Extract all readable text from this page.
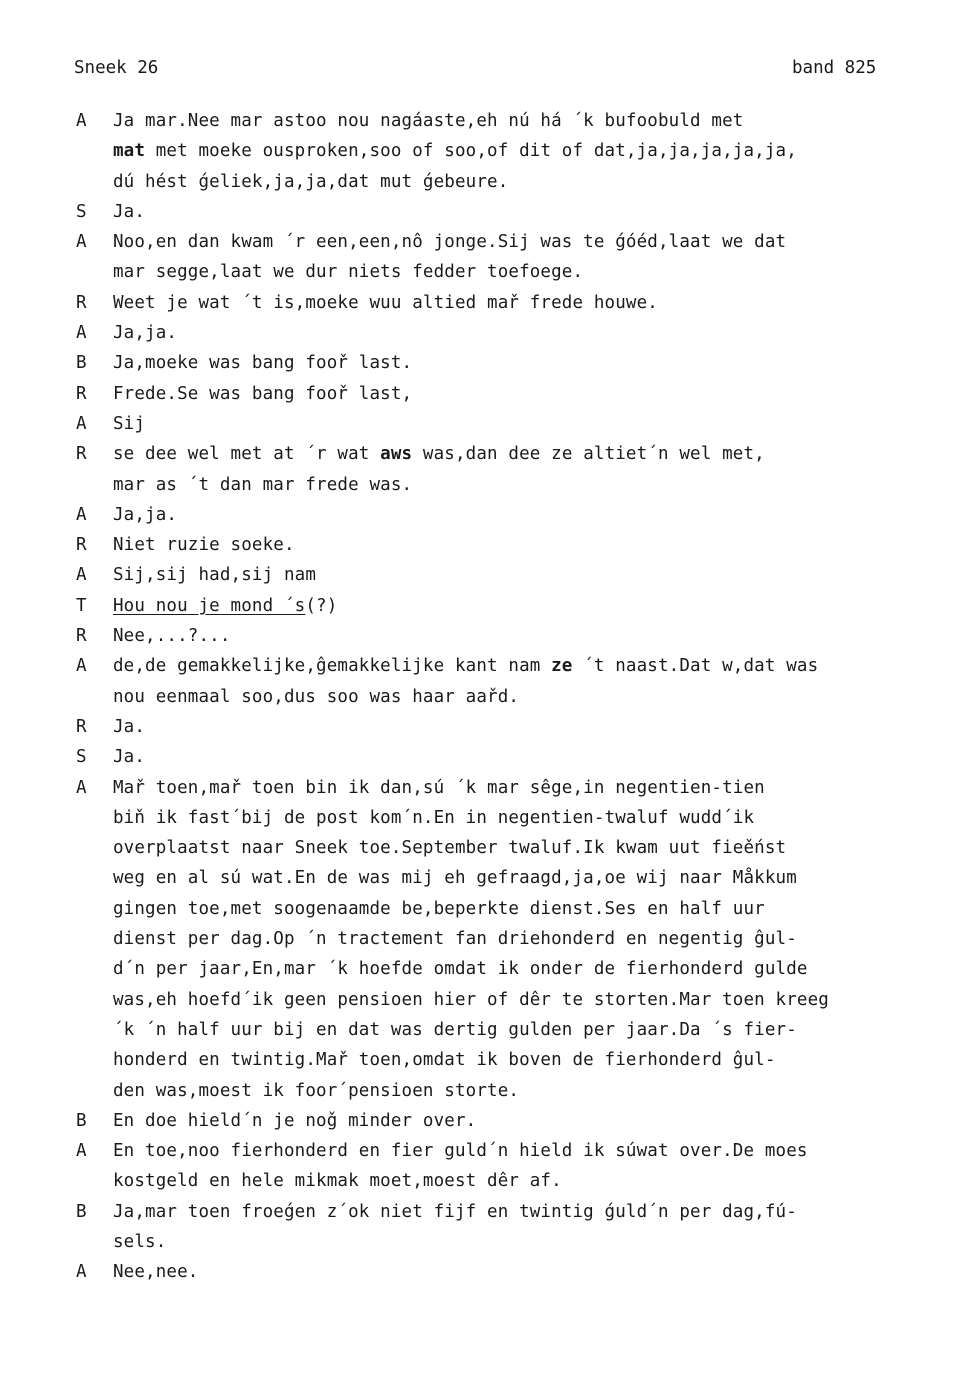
Sneek 26	band 825
A Ja mar.Nee mar astoo nou nagáaste,eh nú há ´k bufoobuld met
mat met moeke ousproken,soo of soo,of dit of dat,ja,ja,ja,ja,ja,
dú hést ǵeliek,ja,ja,dat mut ǵebeure.
S Ja.
A Noo,en dan kwam ´r een,een,nô jonge.Sij was te ǵóéd,laat we dat
mar segge,laat we dur niets fedder toefoege.
R Weet je wat ´t is,moeke wuu altied mař frede houwe.
A Ja,ja.
B Ja,moeke was bang fooř last.
R Frede.Se was bang fooř last,
A Sij
R se dee wel met at ´r wat aws was,dan dee ze altiet´n wel met,
mar as ´t dan mar frede was.
A Ja,ja.
R Niet ruzie soeke.
A Sij,sij had,sij nam
T Hou nou je mond ´s(?)
R Nee,...?...
A de,de gemakkelijke,ĝemakkelijke kant nam ze ´t naast.Dat w,dat was
nou eenmaal soo,dus soo was haar aařd.
R Ja.
S Ja.
A Mař toen,mař toen bin ik dan,sú ´k mar sêge,in negentien-tien
biň ik fast´bij de post kom´n.En in negentien-twaluf wudd´ik
overplaatst naar Sneek toe.September twaluf.Ik kwam uut fieěńst
weg en al sú wat.En de was mij eh gefraagd,ja,oe wij naar Måkkum
gingen toe,met soogenaamde be,beperkte dienst.Ses en half uur
dienst per dag.Op ´n tractement fan driehonderd en negentig ĝul-
d´n per jaar,En,mar ´k hoefde omdat ik onder de fierhonderd gulde
was,eh hoefd´ik geen pensioen hier of dêr te storten.Mar toen kreeg
´k ´n half uur bij en dat was dertig gulden per jaar.Da ´s fier-
honderd en twintig.Mař toen,omdat ik boven de fierhonderd ĝul-
den was,moest ik foor´pensioen storte.
B En doe hield´n je noǧ minder over.
A En toe,noo fierhonderd en fier guld´n hield ik súwat over.De moes
kostgeld en hele mikmak moet,moest dêr af.
B Ja,mar toen froeǵen z´ok niet fijf en twintig ǵuld´n per dag,fú-
sels.
A Nee,nee.
